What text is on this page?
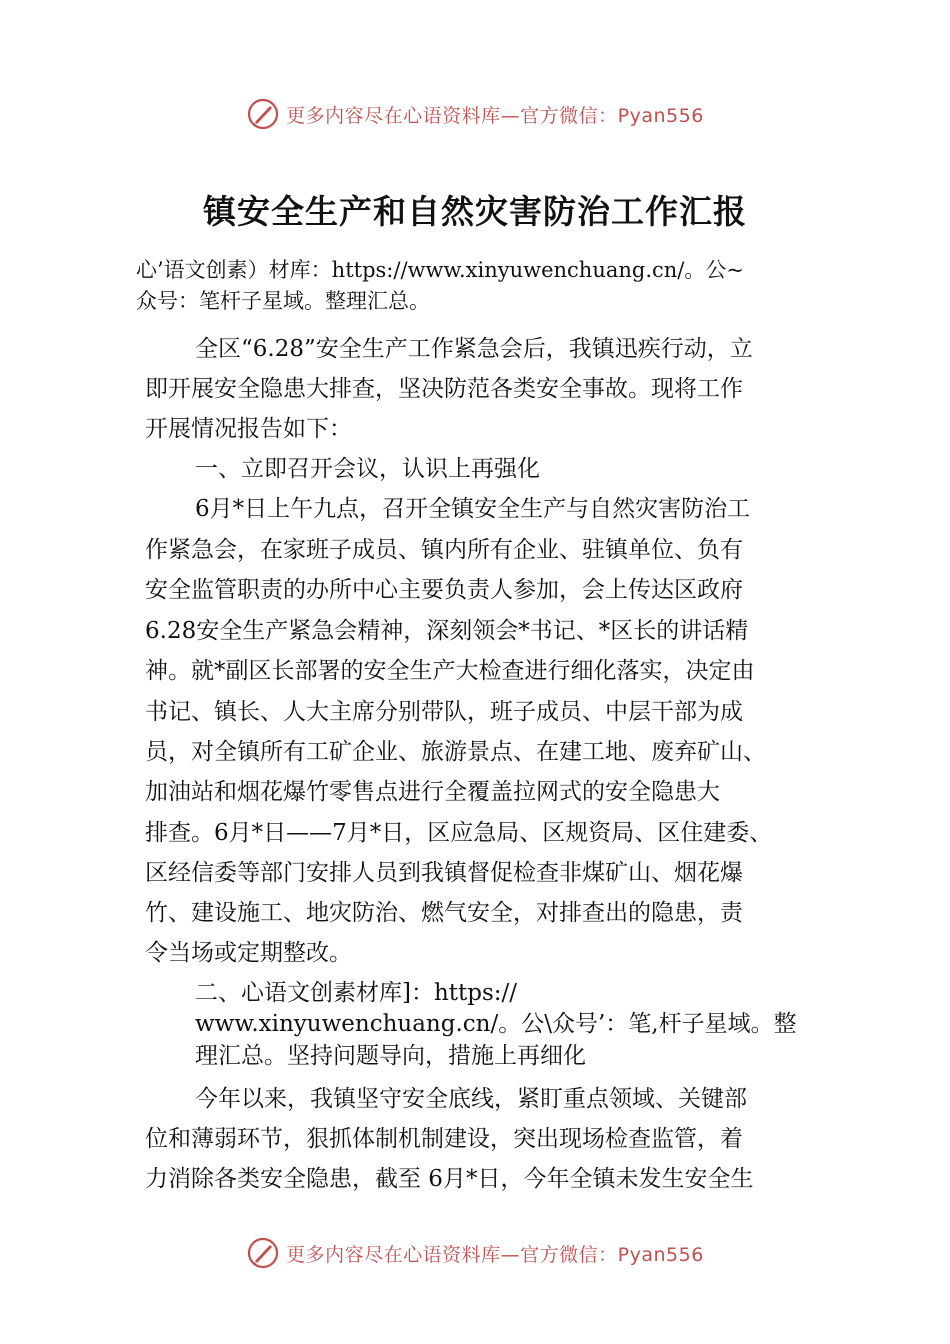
更多内容尽在心语资料库—官方微信：Pyan556
镇安全生产和自然灾害防治工作汇报
心’语文创素）材库：https://www.xinyuwenchuang.cn/。公~
众号：笔杆子星域。整理汇总。
全区“6.28”安全生产工作紧急会后，我镇迅疾行动，立
即开展安全隐患大排查，坚决防范各类安全事故。现将工作
开展情况报告如下：
一、立即召开会议，认识上再强化
6月*日上午九点，召开全镇安全生产与自然灾害防治工
作紧急会，在家班子成员、镇内所有企业、驻镇单位、负有
安全监管职责的办所中心主要负责人参加，会上传达区政府
6.28安全生产紧急会精神，深刻领会*书记、*区长的讲话精
神。就*副区长部署的安全生产大检查进行细化落实，决定由
书记、镇长、人大主席分别带队，班子成员、中层干部为成
员，对全镇所有工矿企业、旅游景点、在建工地、废弃矿山、
加油站和烟花爆竹零售点进行全覆盖拉网式的安全隐患大
排查。6月*日——7月*日，区应急局、区规资局、区住建委、
区经信委等部门安排人员到我镇督促检查非煤矿山、烟花爆
竹、建设施工、地灾防治、燃气安全，对排查出的隐患，责
令当场或定期整改。
二、心语文创素材库]：https://
www.xinyuwenchuang.cn/。公\众号’：笔,杆子星域。整
理汇总。坚持问题导向，措施上再细化
今年以来，我镇坚守安全底线，紧盯重点领域、关键部
位和薄弱环节，狠抓体制机制建设，突出现场检查监管，着
力消除各类安全隐患，截至 6月*日，今年全镇未发生安全生
更多内容尽在心语资料库—官方微信：Pyan556
